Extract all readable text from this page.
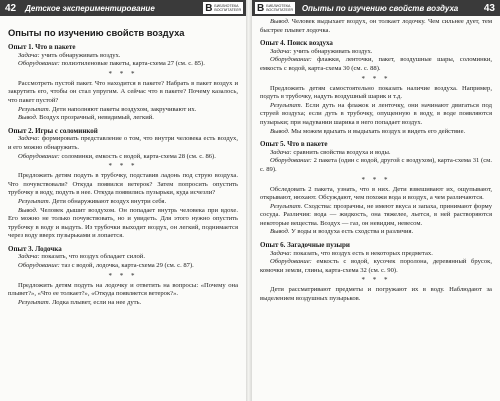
42	Детское экспериментирование	В БИБЛИОТЕКА
ВОСПИТАТЕЛЯ
Опыты по изучению свойств воздуха
Опыт 1. Что в пакете

Задача: учить обнаруживать воздух.

Оборудование: полиэтиленовые пакеты, карта-схема 27 (см. с. 85).

* * *

Рассмотреть пустой пакет. Что находится в пакете? Набрать в пакет воздух и закрутить его, чтобы он стал упругим. А сейчас что в пакете? Почему казалось, что пакет пустой?

Результат. Дети наполняют пакеты воздухом, закручивают их.

Вывод. Воздух прозрачный, невидимый, легкий.

Опыт 2. Игры с соломинкой

Задача: формировать представление о том, что внутри человека есть воздух, и его можно обнаружить.

Оборудование: соломинки, емкость с водой, карта-схема 28 (см. с. 86).

* * *

Предложить детям подуть в трубочку, подставив ладонь под струю воздуха. Что почувствовали? Откуда появился ветерок? Затем попросить опустить трубочку в воду, подуть в нее. Откуда появились пузырьки, куда исчезли?

Результат. Дети обнаруживают воздух внутри себя.

Вывод. Человек дышит воздухом. Он попадает внутрь человека при вдохе. Его можно не только почувствовать, но и увидеть. Для этого нужно опустить трубочку в воду и выдуть. Из трубочки выходит воздух, он легкий, поднимается через воду вверх пузырьками и лопается.

Опыт 3. Лодочка

Задача: показать, что воздух обладает силой.

Оборудование: таз с водой, лодочка, карта-схема 29 (см. с. 87).

* * *

Предложить детям подуть на лодочку и ответить на вопросы: «Почему она плывет?», «Что ее толкает?», «Откуда появляется ветерок?».

Результат. Лодка плывет, если на нее дуть.

В БИБЛИОТЕКА
ВОСПИТАТЕЛЯ	Опыты по изучению свойств воздуха	43

Вывод. Человек выдыхает воздух, он толкает лодочку. Чем сильнее дует, тем быстрее плывет лодочка.

Опыт 4. Поиск воздуха

Задача: учить обнаруживать воздух.

Оборудование: флажки, ленточки, пакет, воздушные шары, соломинки, емкость с водой, карта-схема 30 (см. с. 88).

* * *

Предложить детям самостоятельно показать наличие воздуха. Например, подуть в трубочку, надуть воздушный шарик и т.д.

Результат. Если дуть на флажок и ленточку, они начинают двигаться под струей воздуха; если дуть в трубочку, опущенную в воду, в воде появляются пузырьки; при надувании шарика в него попадает воздух.

Вывод. Мы можем вдыхать и выдыхать воздух и видеть его действие.

Опыт 5. Что в пакете

Задача: сравнить свойства воздуха и воды.

Оборудование: 2 пакета (один с водой, другой с воздухом), карта-схема 31 (см. с. 89).

* * *

Обследовать 2 пакета, узнать, что в них. Дети взвешивают их, ощупывают, открывают, нюхают. Обсуждают, чем похожи вода и воздух, а чем различаются.

Результат. Сходства: прозрачны, не имеют вкуса и запаха, принимают форму сосуда. Различия: вода — жидкость, она тяжелее, льется, в ней растворяются некоторые вещества. Воздух — газ, он невидим, невесом.

Вывод. У воды и воздуха есть сходства и различия.

Опыт 6. Загадочные пузыри

Задача: показать, что воздух есть в некоторых предметах.

Оборудование: емкость с водой, кусочек поролона, деревянный брусок, комочки земли, глины, карта-схема 32 (см. с. 90).

* * *

Дети рассматривают предметы и погружают их в воду. Наблюдают за выделением воздушных пузырьков.
